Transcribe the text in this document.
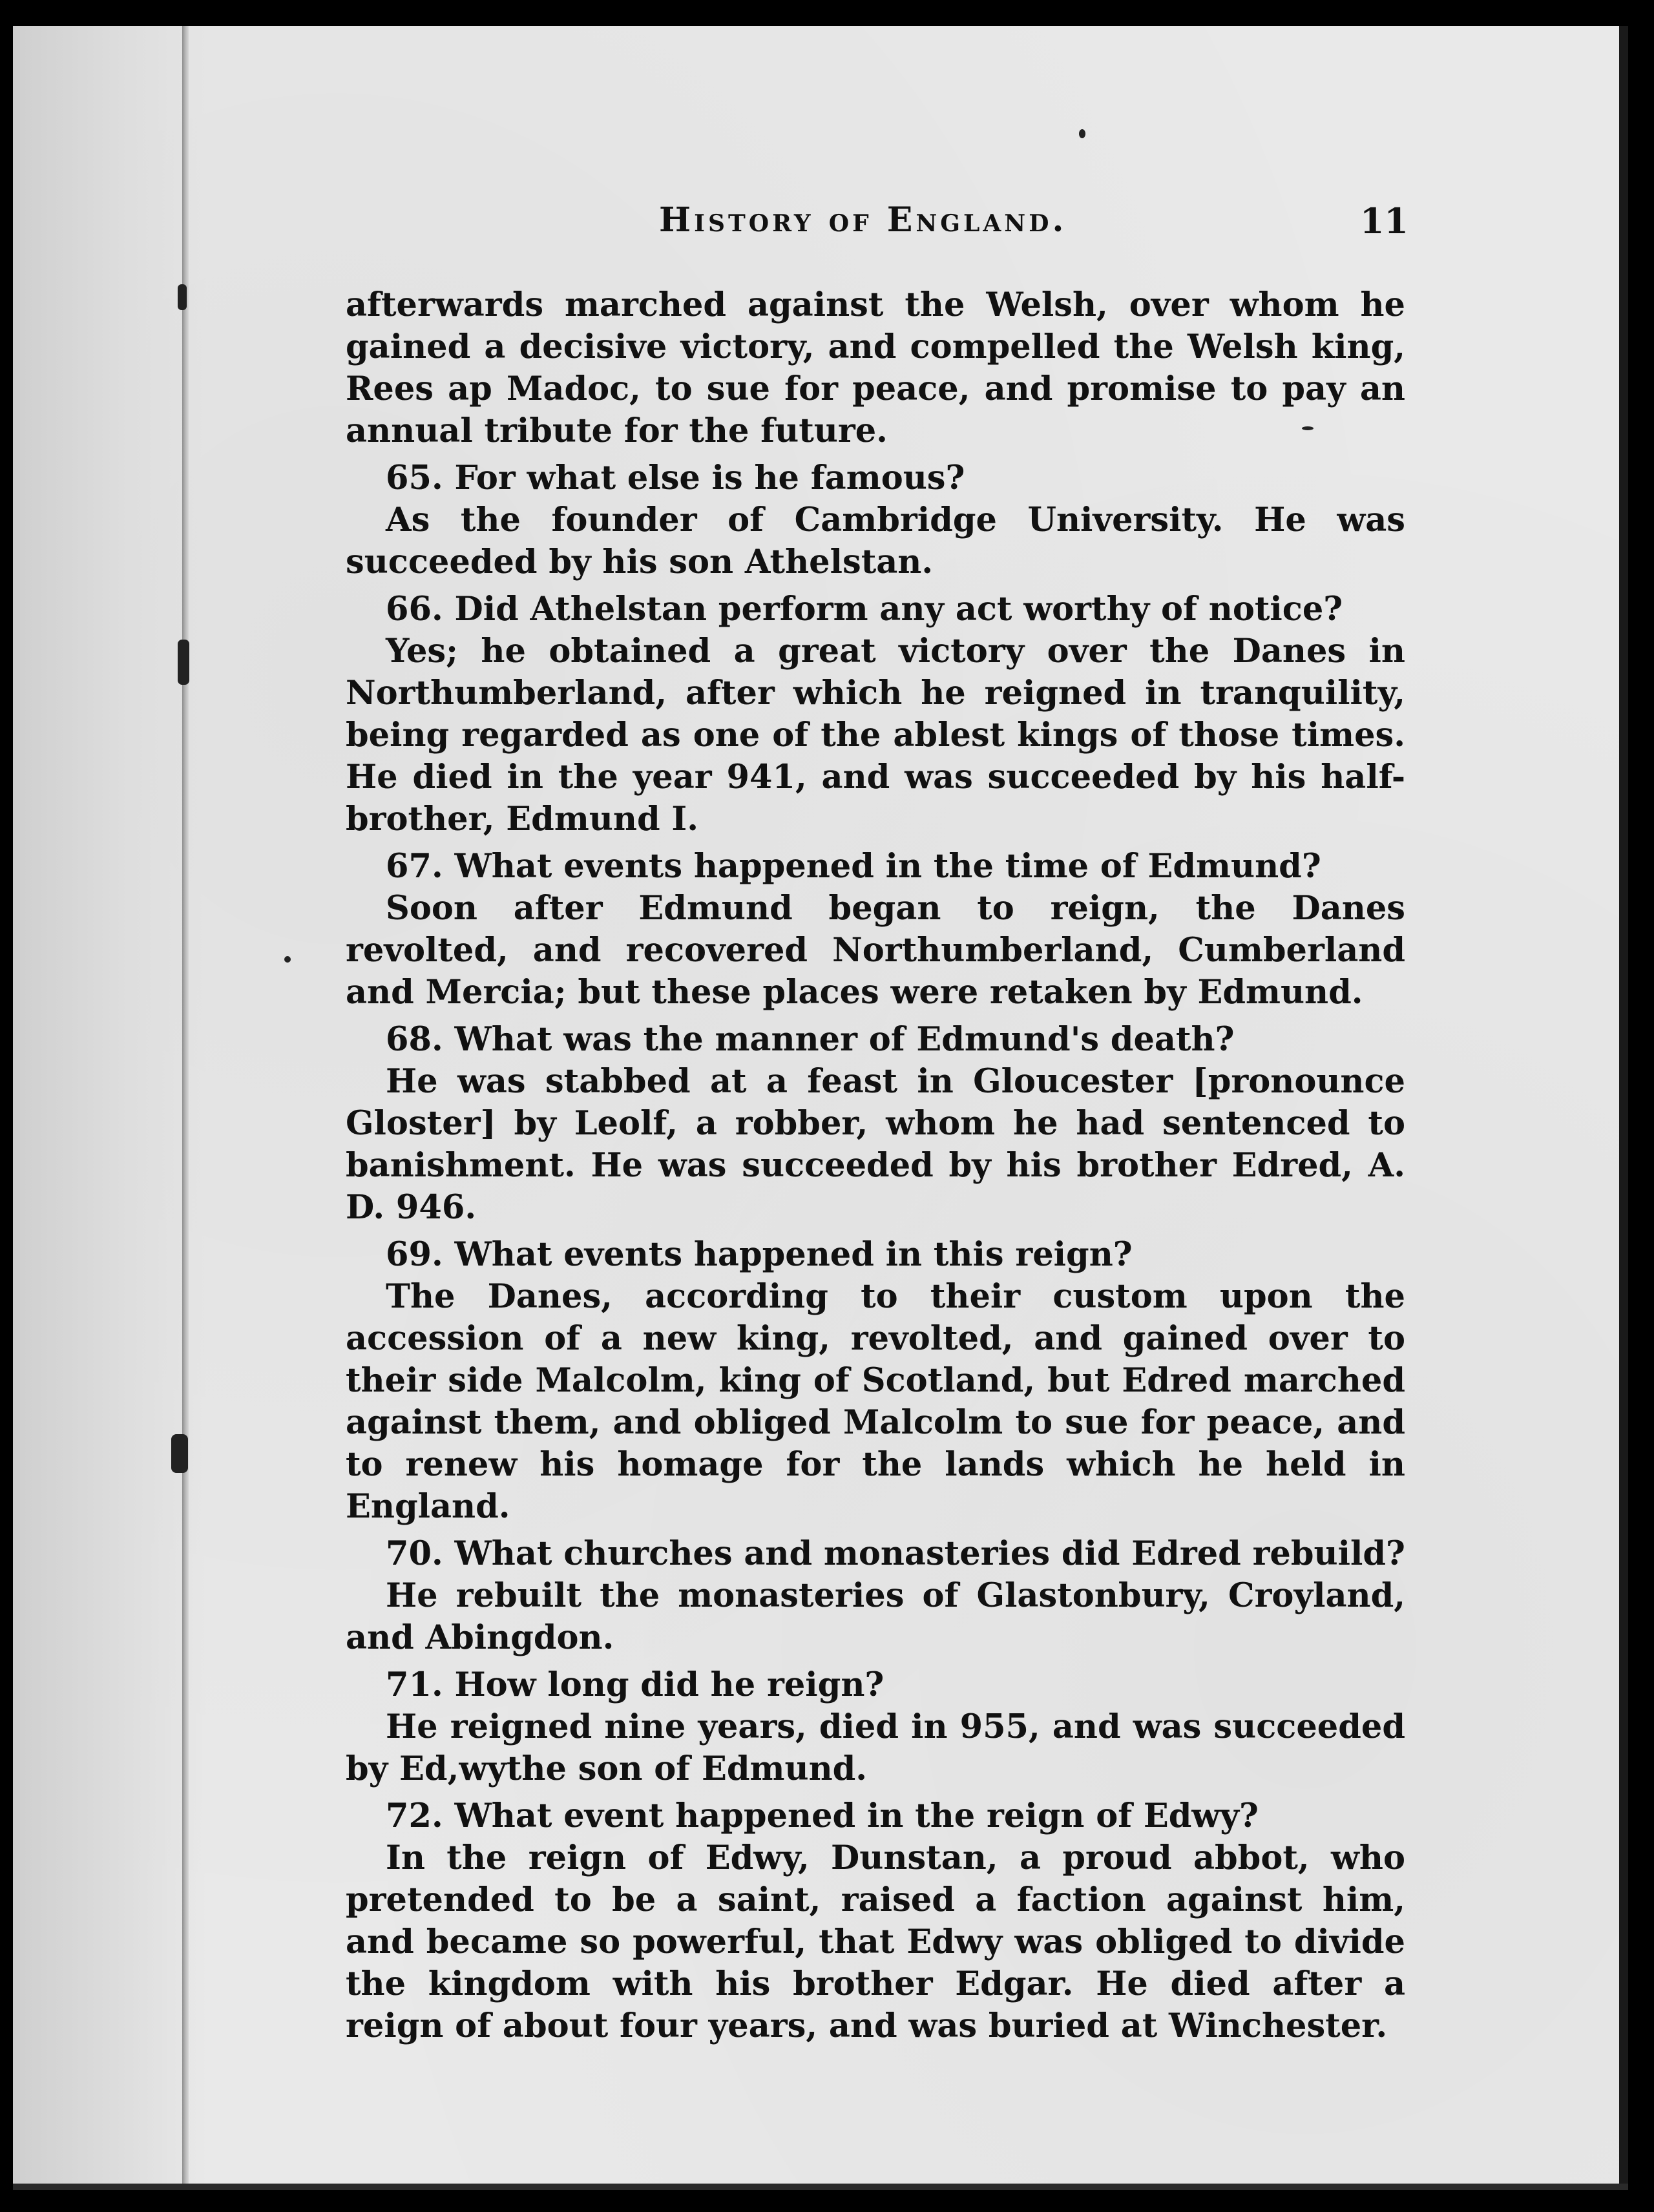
History of England.	11

afterwards marched against the Welsh, over whom he gained a decisive victory, and compelled the Welsh king, Rees ap Madoc, to sue for peace, and promise to pay an annual tribute for the future.

65. For what else is he famous?

As the founder of Cambridge University. He was succeeded by his son Athelstan.

66. Did Athelstan perform any act worthy of notice?

Yes; he obtained a great victory over the Danes in Northumberland, after which he reigned in tranquility, being regarded as one of the ablest kings of those times. He died in the year 941, and was succeeded by his half-brother, Edmund I.

67. What events happened in the time of Edmund?

Soon after Edmund began to reign, the Danes revolted, and recovered Northumberland, Cumberland and Mercia; but these places were retaken by Edmund.

68. What was the manner of Edmund's death?

He was stabbed at a feast in Gloucester [pronounce Gloster] by Leolf, a robber, whom he had sentenced to banishment. He was succeeded by his brother Edred, A. D. 946.

69. What events happened in this reign?

The Danes, according to their custom upon the accession of a new king, revolted, and gained over to their side Malcolm, king of Scotland, but Edred marched against them, and obliged Malcolm to sue for peace, and to renew his homage for the lands which he held in England.

70. What churches and monasteries did Edred rebuild?

He rebuilt the monasteries of Glastonbury, Croyland, and Abingdon.

71. How long did he reign?

He reigned nine years, died in 955, and was succeeded by Ed,wythe son of Edmund.

72. What event happened in the reign of Edwy?

In the reign of Edwy, Dunstan, a proud abbot, who pretended to be a saint, raised a faction against him, and became so powerful, that Edwy was obliged to divide the kingdom with his brother Edgar. He died after a reign of about four years, and was buried at Winchester.
